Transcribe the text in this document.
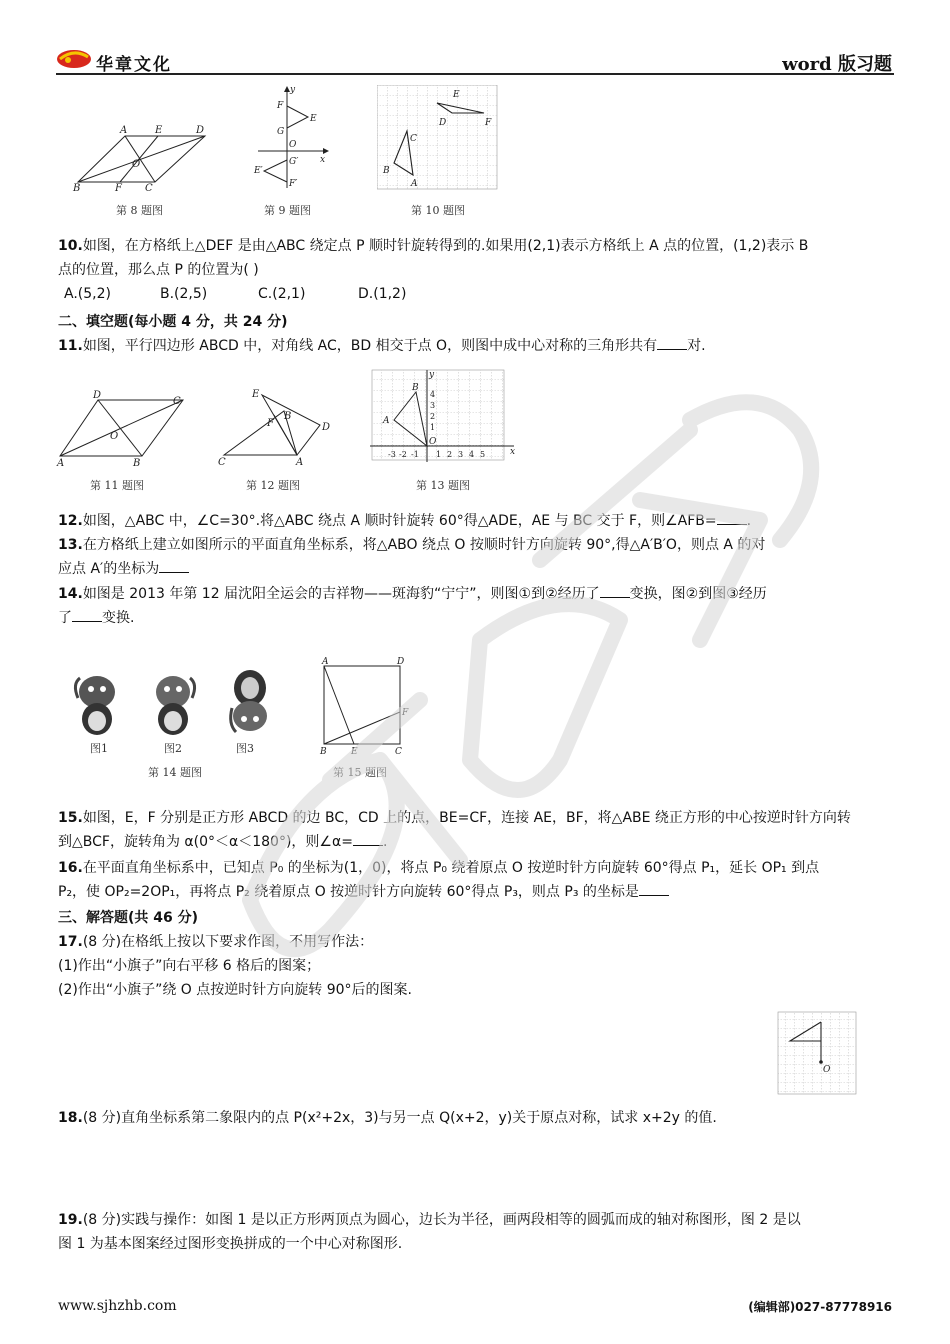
华章文化	word 版习题
A	E	D
O
B	F C
第 8 题图
y
F
E
G
O
x
G′
E′
F′
第 9 题图
E
D	F
C
B
A
第 10 题图
10.如图，在方格纸上△DEF 是由△ABC 绕定点 P 顺时针旋转得到的.如果用(2,1)表示方格纸上 A 点的位置，(1,2)表示 B
点的位置，那么点 P 的位置为( )
A.(5,2)	B.(2,5)	C.(2,1)	D.(1,2)
二、填空题(每小题 4 分，共 24 分)
11.如图，平行四边形 ABCD 中，对角线 AC，BD 相交于点 O，则图中成中心对称的三角形共有 对.
D
C
O
A	B
第 11 题图
E
B
F	D
C	A
第 12 题图
y
B
A
O
x
4
3
2
1
-3 -2 -1 1 2 3 4 5
第 13 题图
12.如图，△ABC 中，∠C=30°.将△ABC 绕点 A 顺时针旋转 60°得△ADE，AE 与 BC 交于 F，则∠AFB= .
13.在方格纸上建立如图所示的平面直角坐标系，将△ABO 绕点 O 按顺时针方向旋转 90°,得△A′B′O，则点 A 的对
应点 A′的坐标为
14.如图是 2013 年第 12 届沈阳全运会的吉祥物——斑海豹“宁宁”，则图①到②经历了 变换，图②到图③经历
了 变换.
图1	图2	图3
第 14 题图
A	D
F
B	E	C
第 15 题图
15.如图，E，F 分别是正方形 ABCD 的边 BC，CD 上的点，BE=CF，连接 AE，BF，将△ABE 绕正方形的中心按逆时针方向转
到△BCF，旋转角为 α(0°＜α＜180°)，则∠α= .
16.在平面直角坐标系中，已知点 P₀ 的坐标为(1，0)，将点 P₀ 绕着原点 O 按逆时针方向旋转 60°得点 P₁，延长 OP₁ 到点
P₂，使 OP₂=2OP₁，再将点 P₂ 绕着原点 O 按逆时针方向旋转 60°得点 P₃，则点 P₃ 的坐标是
三、解答题(共 46 分)
17.(8 分)在格纸上按以下要求作图，不用写作法：
(1)作出“小旗子”向右平移 6 格后的图案；
(2)作出“小旗子”绕 O 点按逆时针方向旋转 90°后的图案.
O
18.(8 分)直角坐标系第二象限内的点 P(x²+2x，3)与另一点 Q(x+2，y)关于原点对称，试求 x+2y 的值.
19.(8 分)实践与操作：如图 1 是以正方形两顶点为圆心，边长为半径，画两段相等的圆弧而成的轴对称图形，图 2 是以
图 1 为基本图案经过图形变换拼成的一个中心对称图形.
www.sjhzhb.com	(编辑部)027-87778916
